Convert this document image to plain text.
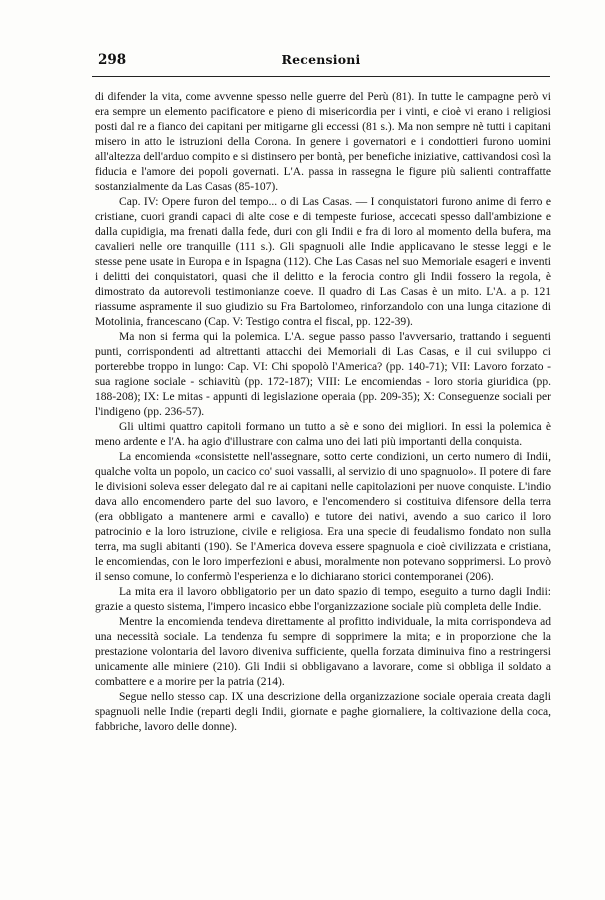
298	Recensioni

di difender la vita, come avvenne spesso nelle guerre del Perù (81). In tutte le campagne però vi era sempre un elemento pacificatore e pieno di misericordia per i vinti, e cioè vi erano i religiosi posti dal re a fianco dei capitani per mitigarne gli eccessi (81 s.). Ma non sempre nè tutti i capitani misero in atto le istruzioni della Corona. In genere i governatori e i condottieri furono uomini all'altezza dell'arduo compito e si distinsero per bontà, per benefiche iniziative, cattivandosi così la fiducia e l'amore dei popoli governati. L'A. passa in rassegna le figure più salienti contraffatte sostanzialmente da Las Casas (85-107).

Cap. IV: Opere furon del tempo... o di Las Casas. — I conquistatori furono anime di ferro e cristiane, cuori grandi capaci di alte cose e di tempeste furiose, accecati spesso dall'ambizione e dalla cupidigia, ma frenati dalla fede, duri con gli Indii e fra di loro al momento della bufera, ma cavalieri nelle ore tranquille (111 s.). Gli spagnuoli alle Indie applicavano le stesse leggi e le stesse pene usate in Europa e in Ispagna (112). Che Las Casas nel suo Memoriale esageri e inventi i delitti dei conquistatori, quasi che il delitto e la ferocia contro gli Indii fossero la regola, è dimostrato da autorevoli testimonianze coeve. Il quadro di Las Casas è un mito. L'A. a p. 121 riassume aspramente il suo giudizio su Fra Bartolomeo, rinforzandolo con una lunga citazione di Motolinia, francescano (Cap. V: Testigo contra el fiscal, pp. 122-39).

Ma non si ferma qui la polemica. L'A. segue passo passo l'avversario, trattando i seguenti punti, corrispondenti ad altrettanti attacchi dei Memoriali di Las Casas, e il cui sviluppo ci porterebbe troppo in lungo: Cap. VI: Chi spopolò l'America? (pp. 140-71); VII: Lavoro forzato - sua ragione sociale - schiavitù (pp. 172-187); VIII: Le encomiendas - loro storia giuridica (pp. 188-208); IX: Le mitas - appunti di legislazione operaia (pp. 209-35); X: Conseguenze sociali per l'indigeno (pp. 236-57).

Gli ultimi quattro capitoli formano un tutto a sè e sono dei migliori. In essi la polemica è meno ardente e l'A. ha agio d'illustrare con calma uno dei lati più importanti della conquista.

La encomienda «consistette nell'assegnare, sotto certe condizioni, un certo numero di Indii, qualche volta un popolo, un cacico co' suoi vassalli, al servizio di uno spagnuolo». Il potere di fare le divisioni soleva esser delegato dal re ai capitani nelle capitolazioni per nuove conquiste. L'indio dava allo encomendero parte del suo lavoro, e l'encomendero si costituiva difensore della terra (era obbligato a mantenere armi e cavallo) e tutore dei nativi, avendo a suo carico il loro patrocinio e la loro istruzione, civile e religiosa. Era una specie di feudalismo fondato non sulla terra, ma sugli abitanti (190). Se l'America doveva essere spagnuola e cioè civilizzata e cristiana, le encomiendas, con le loro imperfezioni e abusi, moralmente non potevano sopprimersi. Lo provò il senso comune, lo confermò l'esperienza e lo dichiarano storici contemporanei (206).

La mita era il lavoro obbligatorio per un dato spazio di tempo, eseguito a turno dagli Indii: grazie a questo sistema, l'impero incasico ebbe l'organizzazione sociale più completa delle Indie.

Mentre la encomienda tendeva direttamente al profitto individuale, la mita corrispondeva ad una necessità sociale. La tendenza fu sempre di sopprimere la mita; e in proporzione che la prestazione volontaria del lavoro diveniva sufficiente, quella forzata diminuiva fino a restringersi unicamente alle miniere (210). Gli Indii si obbligavano a lavorare, come si obbliga il soldato a combattere e a morire per la patria (214).

Segue nello stesso cap. IX una descrizione della organizzazione sociale operaia creata dagli spagnuoli nelle Indie (reparti degli Indii, giornate e paghe giornaliere, la coltivazione della coca, fabbriche, lavoro delle donne).
